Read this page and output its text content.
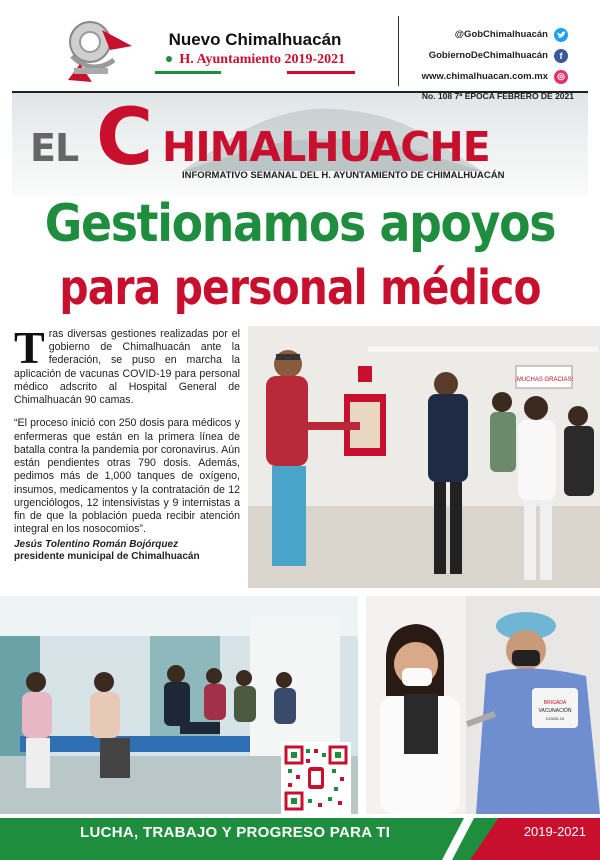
Nuevo Chimalhuacán
● H. Ayuntamiento 2019-2021
@GobChimalhuacán
GobiernoDeChimalhuacán	f
www.chimalhuacan.com.mx	◎
EL C HIMALHUACHE
INFORMATIVO SEMANAL DEL H. AYUNTAMIENTO DE CHIMALHUACÁN
No. 108 7ª EPOCA FEBRERO DE 2021
Gestionamos apoyos
para personal médico

Tras diversas gestiones realizadas por el gobierno de Chimalhuacán ante la federación, se puso en marcha la aplicación de vacunas COVID-19 para personal médico adscrito al Hospital General de Chimalhuacán 90 camas.

“El proceso inició con 250 dosis para médicos y enfermeras que están en la primera línea de batalla contra la pandemia por coronavirus. Aún están pendientes otras 790 dosis. Además, pedimos más de 1,000 tanques de oxígeno, insumos, medicamentos y la contratación de 12 urgenciólogos, 12 intensivistas y 9 internistas a fin de que la población pueda recibir atención integral en los nosocomios”.

Jesús Tolentino Román Bojórquez
presidente municipal de Chimalhuacán
¡MUCHAS GRACIAS!
BRIGADA
VACUNACIÓN
COVID-19
LUCHA, TRABAJO Y PROGRESO PARA TI	2019-2021
